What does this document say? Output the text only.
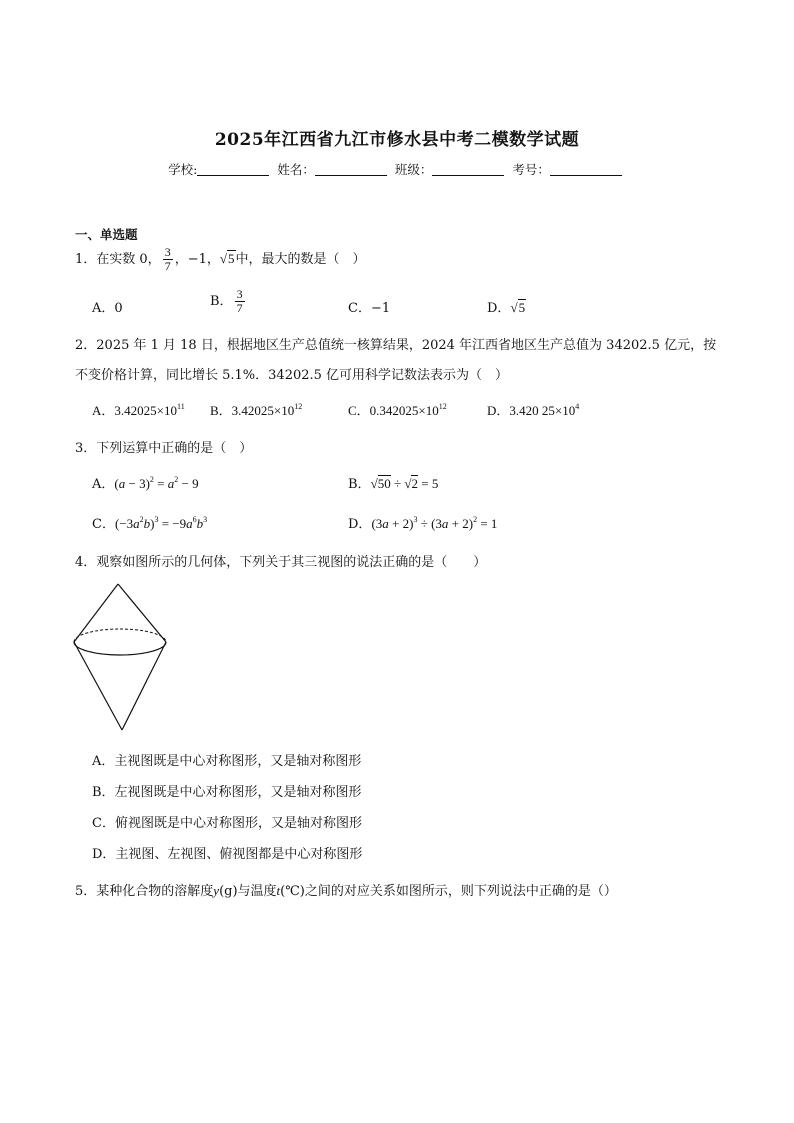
2025年江西省九江市修水县中考二模数学试题
学校:	姓名：	班级：	考号：
一、单选题
1．在实数 0， $\frac{3}{7}$ ，−1，√5中，最大的数是（　）
A．0	B． $\frac{3}{7}$	C．−1	D．√5
2．2025 年 1 月 18 日，根据地区生产总值统一核算结果，2024 年江西省地区生产总值为 34202.5 亿元，按
不变价格计算，同比增长 5.1%．34202.5 亿可用科学记数法表示为（　）
A．$3.42025\times 10^{11}$ B．$3.42025\times 10^{12}$	C．$0.342025\times 10^{12}$	D．3.420 $25\times 10^4$
3．下列运算中正确的是（　）
A．$(a - 3)^2 = a^2 - 9$	B．√50 ÷ √2 = 5
C．$(-3a^2b)^3 = -9a^6b^3$	D．$(3a + 2)^3 \div (3a + 2)^2 = 1$
4．观察如图所示的几何体，下列关于其三视图的说法正确的是（　　）
A．主视图既是中心对称图形，又是轴对称图形
B．左视图既是中心对称图形，又是轴对称图形
C．俯视图既是中心对称图形，又是轴对称图形
D．主视图、左视图、俯视图都是中心对称图形
5．某种化合物的溶解度y(g)与温度t(℃)之间的对应关系如图所示，则下列说法中正确的是（）
